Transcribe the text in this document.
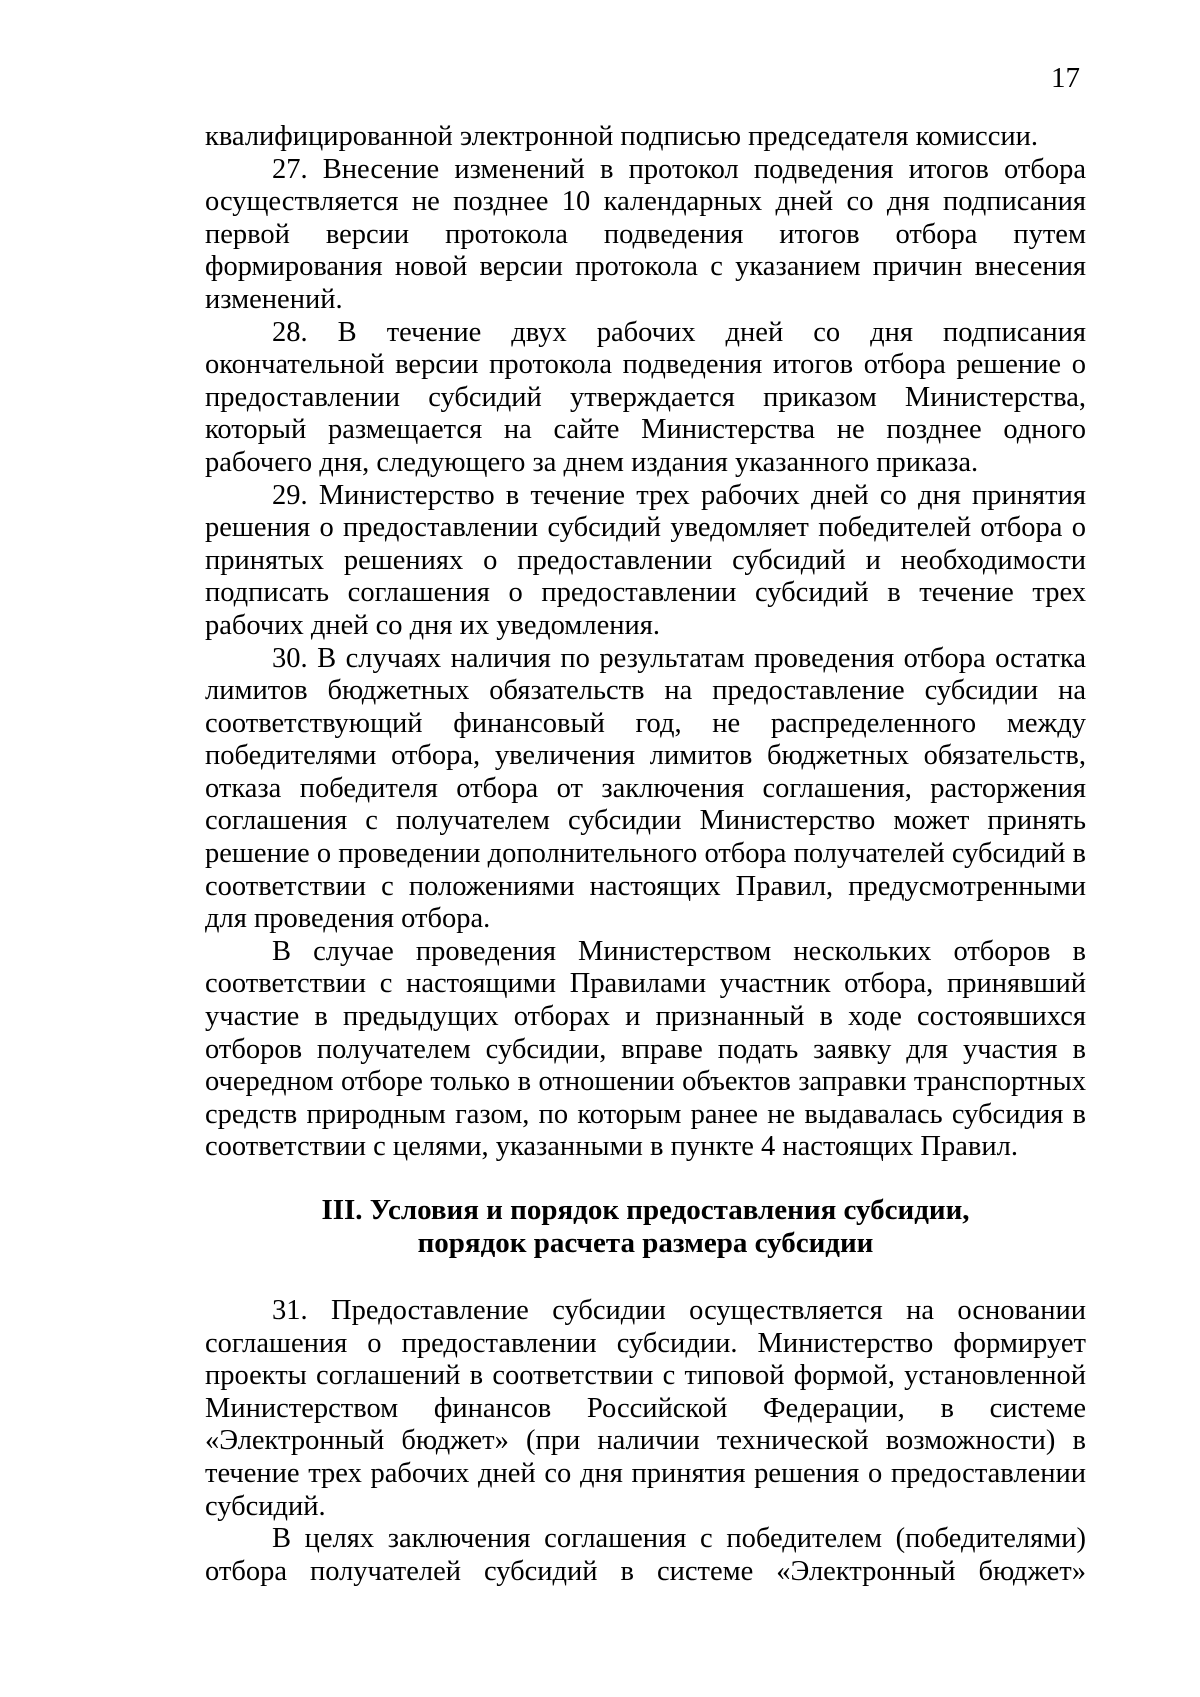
17

квалифицированной электронной подписью председателя комиссии.

27. Внесение изменений в протокол подведения итогов отбора осуществляется не позднее 10 календарных дней со дня подписания первой версии протокола подведения итогов отбора путем формирования новой версии протокола с указанием причин внесения изменений.

28. В течение двух рабочих дней со дня подписания окончательной версии протокола подведения итогов отбора решение о предоставлении субсидий утверждается приказом Министерства, который размещается на сайте Министерства не позднее одного рабочего дня, следующего за днем издания указанного приказа.

29. Министерство в течение трех рабочих дней со дня принятия решения о предоставлении субсидий уведомляет победителей отбора о принятых решениях о предоставлении субсидий и необходимости подписать соглашения о предоставлении субсидий в течение трех рабочих дней со дня их уведомления.

30. В случаях наличия по результатам проведения отбора остатка лимитов бюджетных обязательств на предоставление субсидии на соответствующий финансовый год, не распределенного между победителями отбора, увеличения лимитов бюджетных обязательств, отказа победителя отбора от заключения соглашения, расторжения соглашения с получателем субсидии Министерство может принять решение о проведении дополнительного отбора получателей субсидий в соответствии с положениями настоящих Правил, предусмотренными для проведения отбора.

В случае проведения Министерством нескольких отборов в соответствии с настоящими Правилами участник отбора, принявший участие в предыдущих отборах и признанный в ходе состоявшихся отборов получателем субсидии, вправе подать заявку для участия в очередном отборе только в отношении объектов заправки транспортных средств природным газом, по которым ранее не выдавалась субсидия в соответствии с целями, указанными в пункте 4 настоящих Правил.

III. Условия и порядок предоставления субсидии,
порядок расчета размера субсидии

31. Предоставление субсидии осуществляется на основании соглашения о предоставлении субсидии. Министерство формирует проекты соглашений в соответствии с типовой формой, установленной Министерством финансов Российской Федерации, в системе «Электронный бюджет» (при наличии технической возможности) в течение трех рабочих дней со дня принятия решения о предоставлении субсидий.

В целях заключения соглашения с победителем (победителями) отбора получателей субсидий в системе «Электронный бюджет»
